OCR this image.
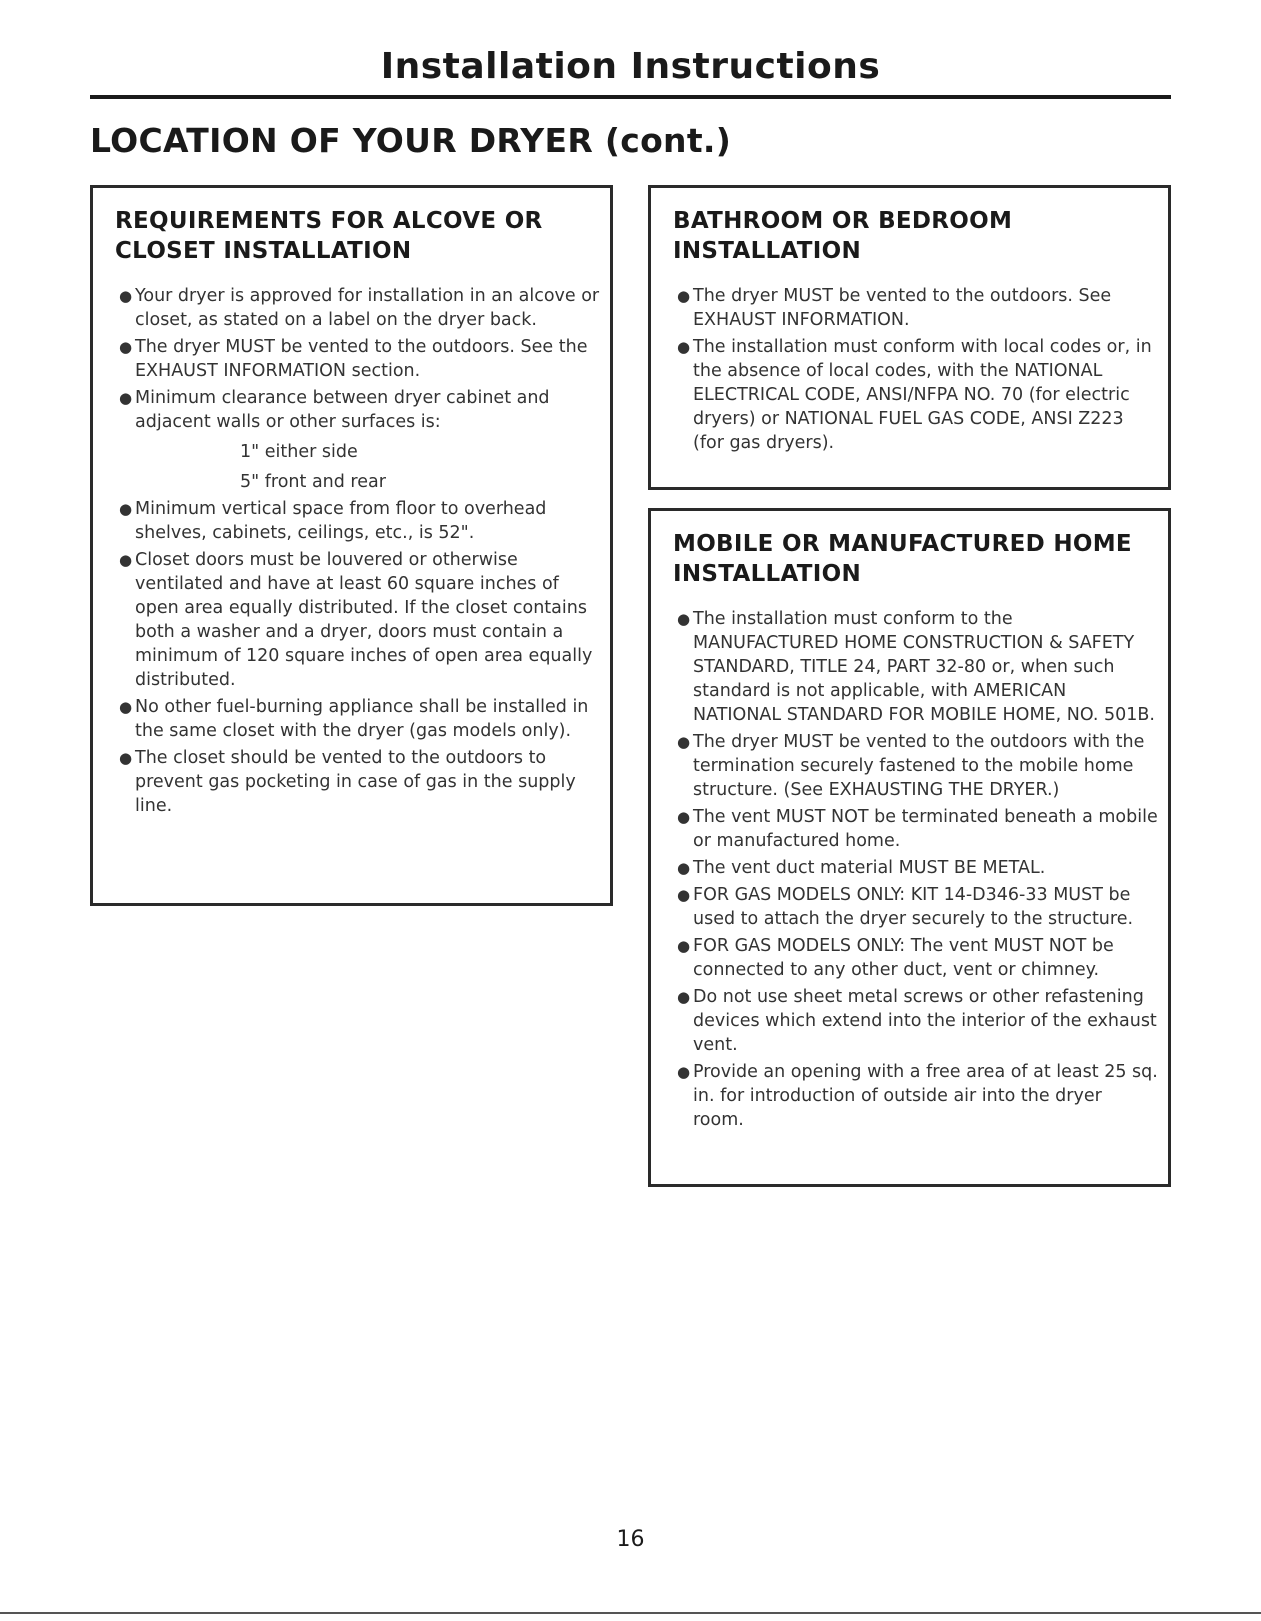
Installation Instructions
LOCATION OF YOUR DRYER (cont.)
REQUIREMENTS FOR ALCOVE OR CLOSET INSTALLATION
● Your dryer is approved for installation in an alcove or closet, as stated on a label on the dryer back.
● The dryer MUST be vented to the outdoors. See the EXHAUST INFORMATION section.
● Minimum clearance between dryer cabinet and adjacent walls or other surfaces is:
1" either side
5" front and rear
● Minimum vertical space from floor to overhead shelves, cabinets, ceilings, etc., is 52".
● Closet doors must be louvered or otherwise ventilated and have at least 60 square inches of open area equally distributed. If the closet contains both a washer and a dryer, doors must contain a minimum of 120 square inches of open area equally distributed.
● No other fuel-burning appliance shall be installed in the same closet with the dryer (gas models only).
● The closet should be vented to the outdoors to prevent gas pocketing in case of gas in the supply line.
BATHROOM OR BEDROOM INSTALLATION
● The dryer MUST be vented to the outdoors. See EXHAUST INFORMATION.
● The installation must conform with local codes or, in the absence of local codes, with the NATIONAL ELECTRICAL CODE, ANSI/NFPA NO. 70 (for electric dryers) or NATIONAL FUEL GAS CODE, ANSI Z223 (for gas dryers).
MOBILE OR MANUFACTURED HOME INSTALLATION
● The installation must conform to the MANUFACTURED HOME CONSTRUCTION & SAFETY STANDARD, TITLE 24, PART 32-80 or, when such standard is not applicable, with AMERICAN NATIONAL STANDARD FOR MOBILE HOME, NO. 501B.
● The dryer MUST be vented to the outdoors with the termination securely fastened to the mobile home structure. (See EXHAUSTING THE DRYER.)
● The vent MUST NOT be terminated beneath a mobile or manufactured home.
● The vent duct material MUST BE METAL.
● FOR GAS MODELS ONLY: KIT 14-D346-33 MUST be used to attach the dryer securely to the structure.
● FOR GAS MODELS ONLY: The vent MUST NOT be connected to any other duct, vent or chimney.
● Do not use sheet metal screws or other refastening devices which extend into the interior of the exhaust vent.
● Provide an opening with a free area of at least 25 sq. in. for introduction of outside air into the dryer room.
16
